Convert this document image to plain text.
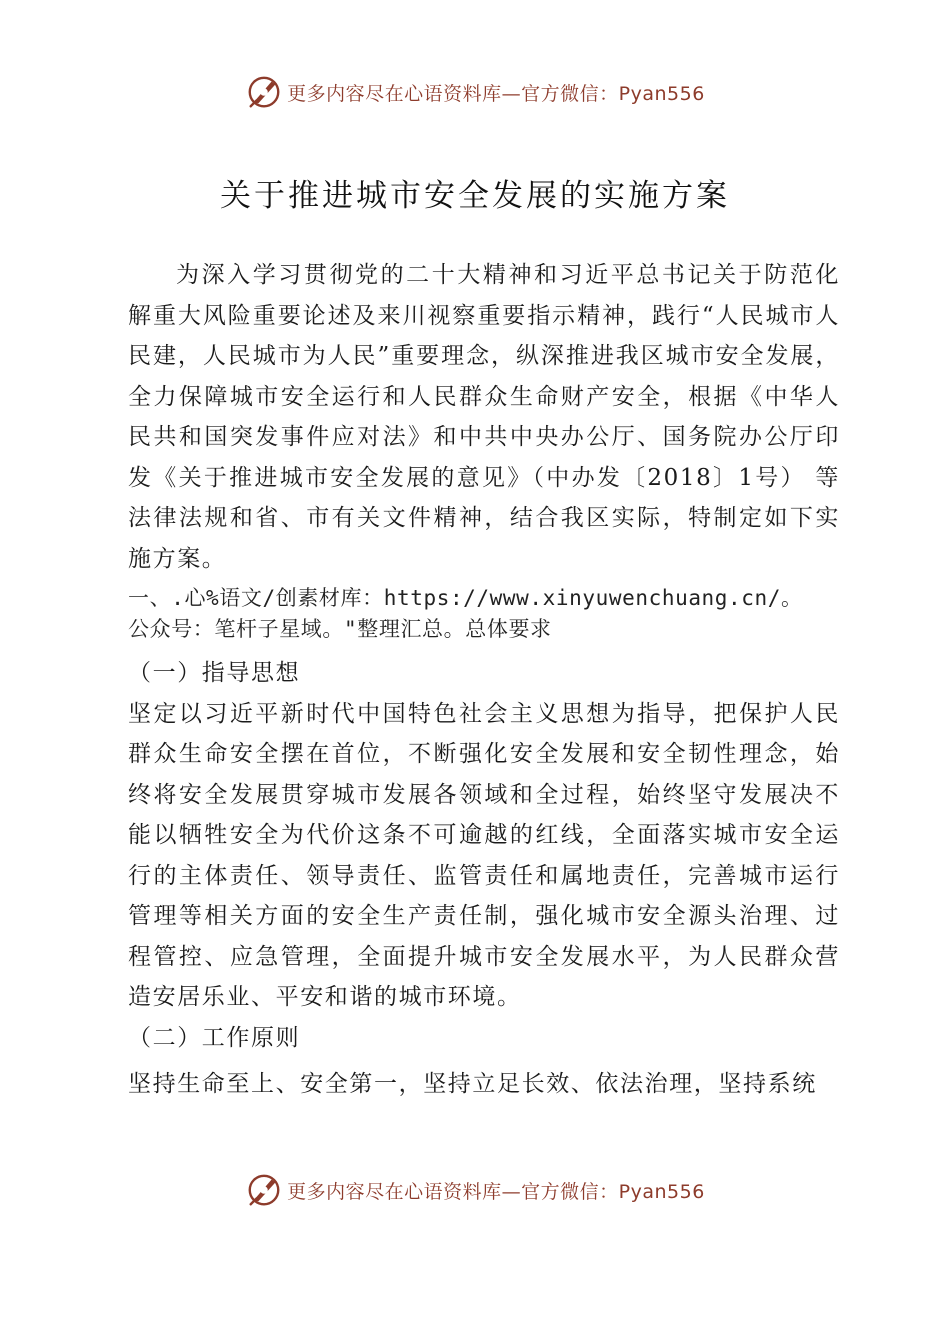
更多内容尽在心语资料库—官方微信：Pyan556
关于推进城市安全发展的实施方案

为深入学习贯彻党的二十大精神和习近平总书记关于防范化解重大风险重要论述及来川视察重要指示精神，践行“人民城市人民建，人民城市为人民”重要理念，纵深推进我区城市安全发展，全力保障城市安全运行和人民群众生命财产安全，根据《中华人民共和国突发事件应对法》和中共中央办公厅、国务院办公厅印发《关于推进城市安全发展的意见》（中办发〔2018〕1号） 等法律法规和省、市有关文件精神，结合我区实际，特制定如下实施方案。

一、.心%语文/创素材库：https://www.xinyuwenchuang.cn/。

公众号：笔杆子星域。"整理汇总。总体要求

（一）指导思想

坚定以习近平新时代中国特色社会主义思想为指导，把保护人民群众生命安全摆在首位，不断强化安全发展和安全韧性理念，始终将安全发展贯穿城市发展各领域和全过程，始终坚守发展决不能以牺牲安全为代价这条不可逾越的红线，全面落实城市安全运行的主体责任、领导责任、监管责任和属地责任，完善城市运行 管理等相关方面的安全生产责任制，强化城市安全源头治理、过程管控、应急管理，全面提升城市安全发展水平，为人民群众营造安居乐业、平安和谐的城市环境。

（二）工作原则

坚持生命至上、安全第一，坚持立足长效、依法治理，坚持系统

更多内容尽在心语资料库—官方微信：Pyan556
